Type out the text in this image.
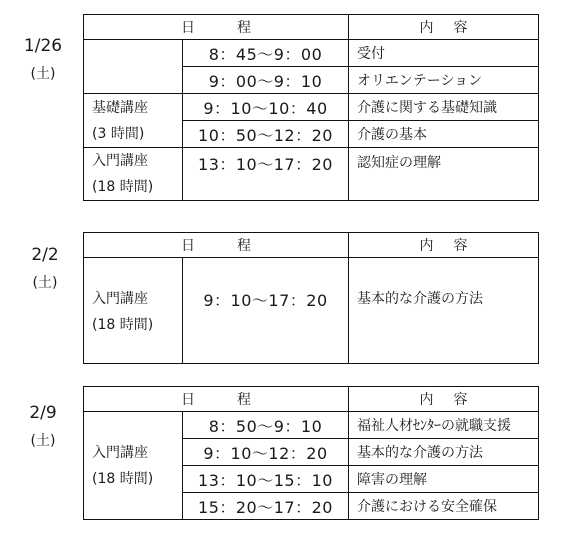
1/26
(土)
日 程		内 容
	8：45〜9：00	受付
	9：00〜9：10	オリエンテーション

基礎講座
(3 時間)	9：10〜10：40	介護に関する基礎知識
	10：50〜12：20	介護の基本

入門講座
(18 時間)	13：10〜17：20	認知症の理解
2/2
(土)
日 程		内 容

入門講座
(18 時間)	9：10〜17：20	基本的な介護の方法
2/9
(土)
日 程		内 容

入門講座
(18 時間)	8：50〜9：10	福祉人材ｾﾝﾀｰの就職支援
	9：10〜12：20	基本的な介護の方法
	13：10〜15：10	障害の理解
	15：20〜17：20	介護における安全確保
